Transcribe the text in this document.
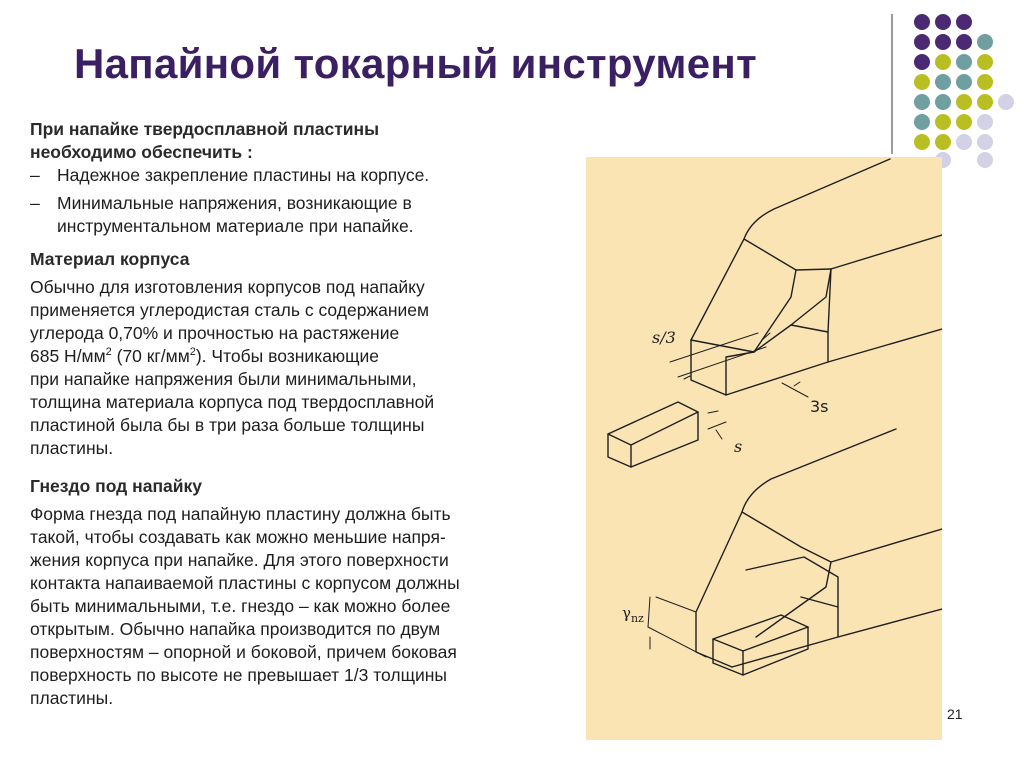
Напайной токарный инструмент
При напайке твердосплавной пластины
необходимо обеспечить :
– Надежное закрепление пластины на корпусе.
– Минимальные напряжения, возникающие в
инструментальном материале при напайке.
Материал корпуса
Обычно для изготовления корпусов под напайку
применяется углеродистая сталь с содержанием
углерода 0,70% и прочностью на растяжение
685 $Н/мм^2$ (70 $кг/мм^2$). Чтобы возникающие
при напайке напряжения были минимальными,
толщина материала корпуса под твердосплавной
пластиной была бы в три раза больше толщины
пластины.
Гнездо под напайку
Форма гнезда под напайную пластину должна быть
такой, чтобы создавать как можно меньшие напря-
жения корпуса при напайке. Для этого поверхности
контакта напаиваемой пластины с корпусом должны
быть минимальными, т.е. гнездо – как можно более
открытым. Обычно напайка производится по двум
поверхностям – опорной и боковой, причем боковая
поверхность по высоте не превышает 1/3 толщины
пластины.
s/3
3s
s
$\gamma_{nz}$
21
